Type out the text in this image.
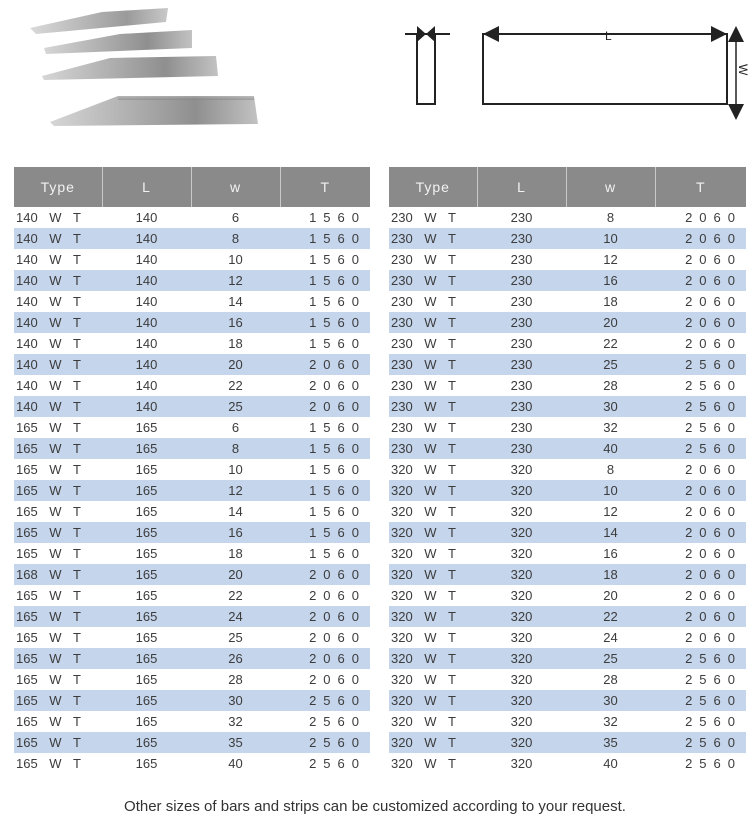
L
W
Type	L	w	T
140 W T	140	6	1560
140 W T	140	8	1560
140 W T	140	10	1560
140 W T	140	12	1560
140 W T	140	14	1560
140 W T	140	16	1560
140 W T	140	18	1560
140 W T	140	20	2060
140 W T	140	22	2060
140 W T	140	25	2060
165 W T	165	6	1560
165 W T	165	8	1560
165 W T	165	10	1560
165 W T	165	12	1560
165 W T	165	14	1560
165 W T	165	16	1560
165 W T	165	18	1560
168 W T	165	20	2060
165 W T	165	22	2060
165 W T	165	24	2060
165 W T	165	25	2060
165 W T	165	26	2060
165 W T	165	28	2060
165 W T	165	30	2560
165 W T	165	32	2560
165 W T	165	35	2560
165 W T	165	40	2560
Type	L	w	T
230 W T	230	8	2060
230 W T	230	10	2060
230 W T	230	12	2060
230 W T	230	16	2060
230 W T	230	18	2060
230 W T	230	20	2060
230 W T	230	22	2060
230 W T	230	25	2560
230 W T	230	28	2560
230 W T	230	30	2560
230 W T	230	32	2560
230 W T	230	40	2560
320 W T	320	8	2060
320 W T	320	10	2060
320 W T	320	12	2060
320 W T	320	14	2060
320 W T	320	16	2060
320 W T	320	18	2060
320 W T	320	20	2060
320 W T	320	22	2060
320 W T	320	24	2060
320 W T	320	25	2560
320 W T	320	28	2560
320 W T	320	30	2560
320 W T	320	32	2560
320 W T	320	35	2560
320 W T	320	40	2560
Other sizes of bars and strips can be customized according to your request.
